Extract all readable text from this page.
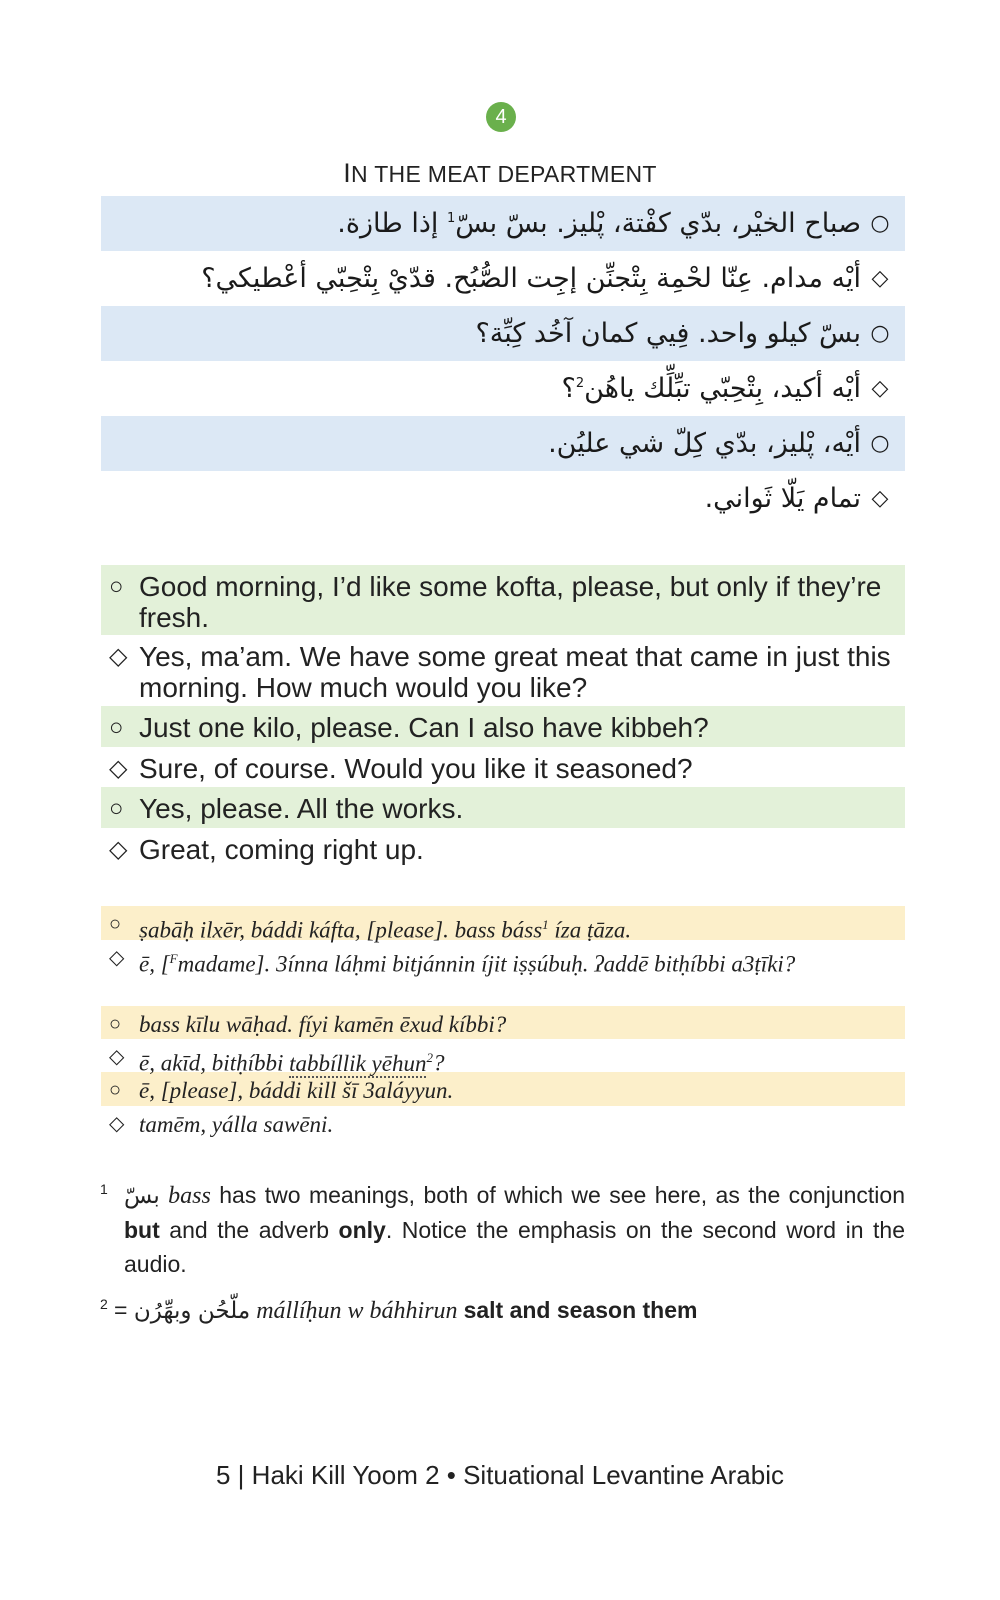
4
IN THE MEAT DEPARTMENT
○
صباح الخيْر، بدّي كفْتة، پْليز. بسّ بسّ$^1$ إذا طازة.
◇
أيْه مدام. عِنّا لحْمِة بِتْجنِّن إجِت الصُّبُح. قدّيْ بِتْحِبّي أعْطيكي؟
○
بسّ كيلو واحد. فِيي كمان آخُد كِبِّة؟
◇
أيْه أكيد، بِتْحِبّي تبِّلِّك ياهُن$^2$؟
○
أيْه، پْليز، بدّي كِلّ شي عليُن.
◇
تمام يَلّا ثَواني.
○ Good morning, I’d like some kofta, please, but only if they’re fresh.
◇ Yes, ma’am. We have some great meat that came in just this morning. How much would you like?
○ Just one kilo, please. Can I also have kibbeh?
◇ Sure, of course. Would you like it seasoned?
○ Yes, please. All the works.
◇ Great, coming right up.
○ ṣabāḥ ilxēr, báddi káfta, [please]. bass báss$^1$ íza ṭāza.
◇ ē, [$^F$madame]. 3ínna láḥmi bitjánnin íjit iṣṣúbuḥ. ʔaddē bitḥíbbi a3ṭīki?
○ bass kīlu wāḥad. fíyi kamēn ēxud kíbbi?
◇ ē, akīd, bitḥíbbi tabbíllik yēhun$^2$?
○ ē, [please], báddi kill šī 3aláyyun.
◇ tamēm, yálla sawēni.
1 بسّ bass has two meanings, both of which we see here, as the conjunction but and the adverb only. Notice the emphasis on the second word in the audio.
2 = ملّحُن وبهِّرُن mállíḥun w báhhirun salt and season them
5 | Haki Kill Yoom 2 • Situational Levantine Arabic
